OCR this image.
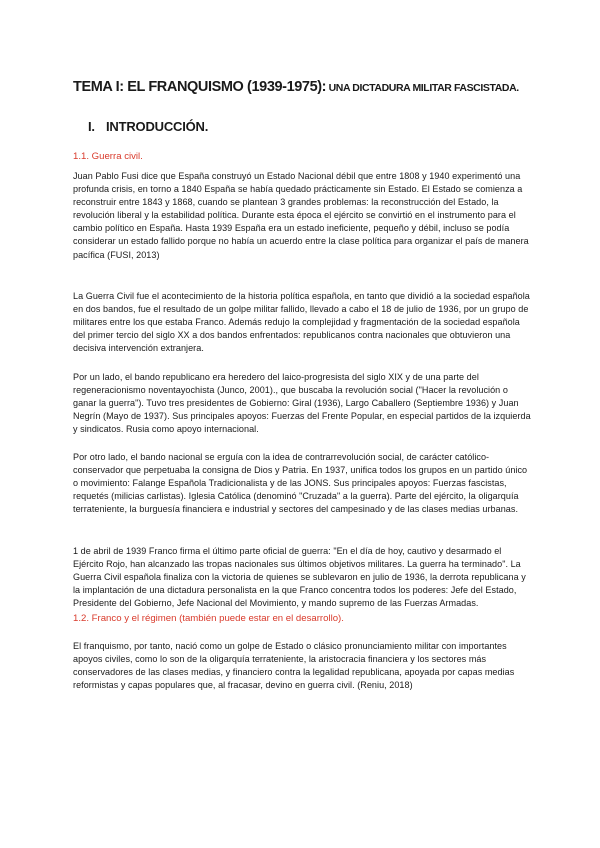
TEMA I: EL FRANQUISMO (1939-1975): UNA DICTADURA MILITAR FASCISTADA.
I. INTRODUCCIÓN.
1.1. Guerra civil.

Juan Pablo Fusi dice que España construyó un Estado Nacional débil que entre 1808 y 1940 experimentó una profunda crisis, en torno a 1840 España se había quedado prácticamente sin Estado. El Estado se comienza a reconstruir entre 1843 y 1868, cuando se plantean 3 grandes problemas: la reconstrucción del Estado, la revolución liberal y la estabilidad política. Durante esta época el ejército se convirtió en el instrumento para el cambio político en España. Hasta 1939 España era un estado ineficiente, pequeño y débil, incluso se podía considerar un estado fallido porque no había un acuerdo entre la clase política para organizar el país de manera pacífica (FUSI, 2013)

La Guerra Civil fue el acontecimiento de la historia política española, en tanto que dividió a la sociedad española en dos bandos, fue el resultado de un golpe militar fallido, llevado a cabo el 18 de julio de 1936, por un grupo de militares entre los que estaba Franco. Además redujo la complejidad y fragmentación de la sociedad española del primer tercio del siglo XX a dos bandos enfrentados: republicanos contra nacionales que obtuvieron una decisiva intervención extranjera.

Por un lado, el bando republicano era heredero del laico-progresista del siglo XIX y de una parte del regeneracionismo noventayochista (Junco, 2001)., que buscaba la revolución social ("Hacer la revolución o ganar la guerra"). Tuvo tres presidentes de Gobierno: Giral (1936), Largo Caballero (Septiembre 1936) y Juan Negrín (Mayo de 1937). Sus principales apoyos: Fuerzas del Frente Popular, en especial partidos de la izquierda y sindicatos. Rusia como apoyo internacional.

Por otro lado, el bando nacional se erguía con la idea de contrarrevolución social, de carácter católico-conservador que perpetuaba la consigna de Dios y Patria. En 1937, unifica todos los grupos en un partido único o movimiento: Falange Española Tradicionalista y de las JONS. Sus principales apoyos: Fuerzas fascistas, requetés (milicias carlistas). Iglesia Católica (denominó "Cruzada" a la guerra). Parte del ejército, la oligarquía terrateniente, la burguesía financiera e industrial y sectores del campesinado y de las clases medias urbanas.

1 de abril de 1939 Franco firma el último parte oficial de guerra: "En el día de hoy, cautivo y desarmado el Ejército Rojo, han alcanzado las tropas nacionales sus últimos objetivos militares. La guerra ha terminado". La Guerra Civil española finaliza con la victoria de quienes se sublevaron en julio de 1936, la derrota republicana y la implantación de una dictadura personalista en la que Franco concentra todos los poderes: Jefe del Estado, Presidente del Gobierno, Jefe Nacional del Movimiento, y mando supremo de las Fuerzas Armadas.

1.2. Franco y el régimen (también puede estar en el desarrollo).

El franquismo, por tanto, nació como un golpe de Estado o clásico pronunciamiento militar con importantes apoyos civiles, como lo son de la oligarquía terrateniente, la aristocracia financiera y los sectores más conservadores de las clases medias, y financiero contra la legalidad republicana, apoyada por capas medias reformistas y capas populares que, al fracasar, devino en guerra civil. (Reniu, 2018)
